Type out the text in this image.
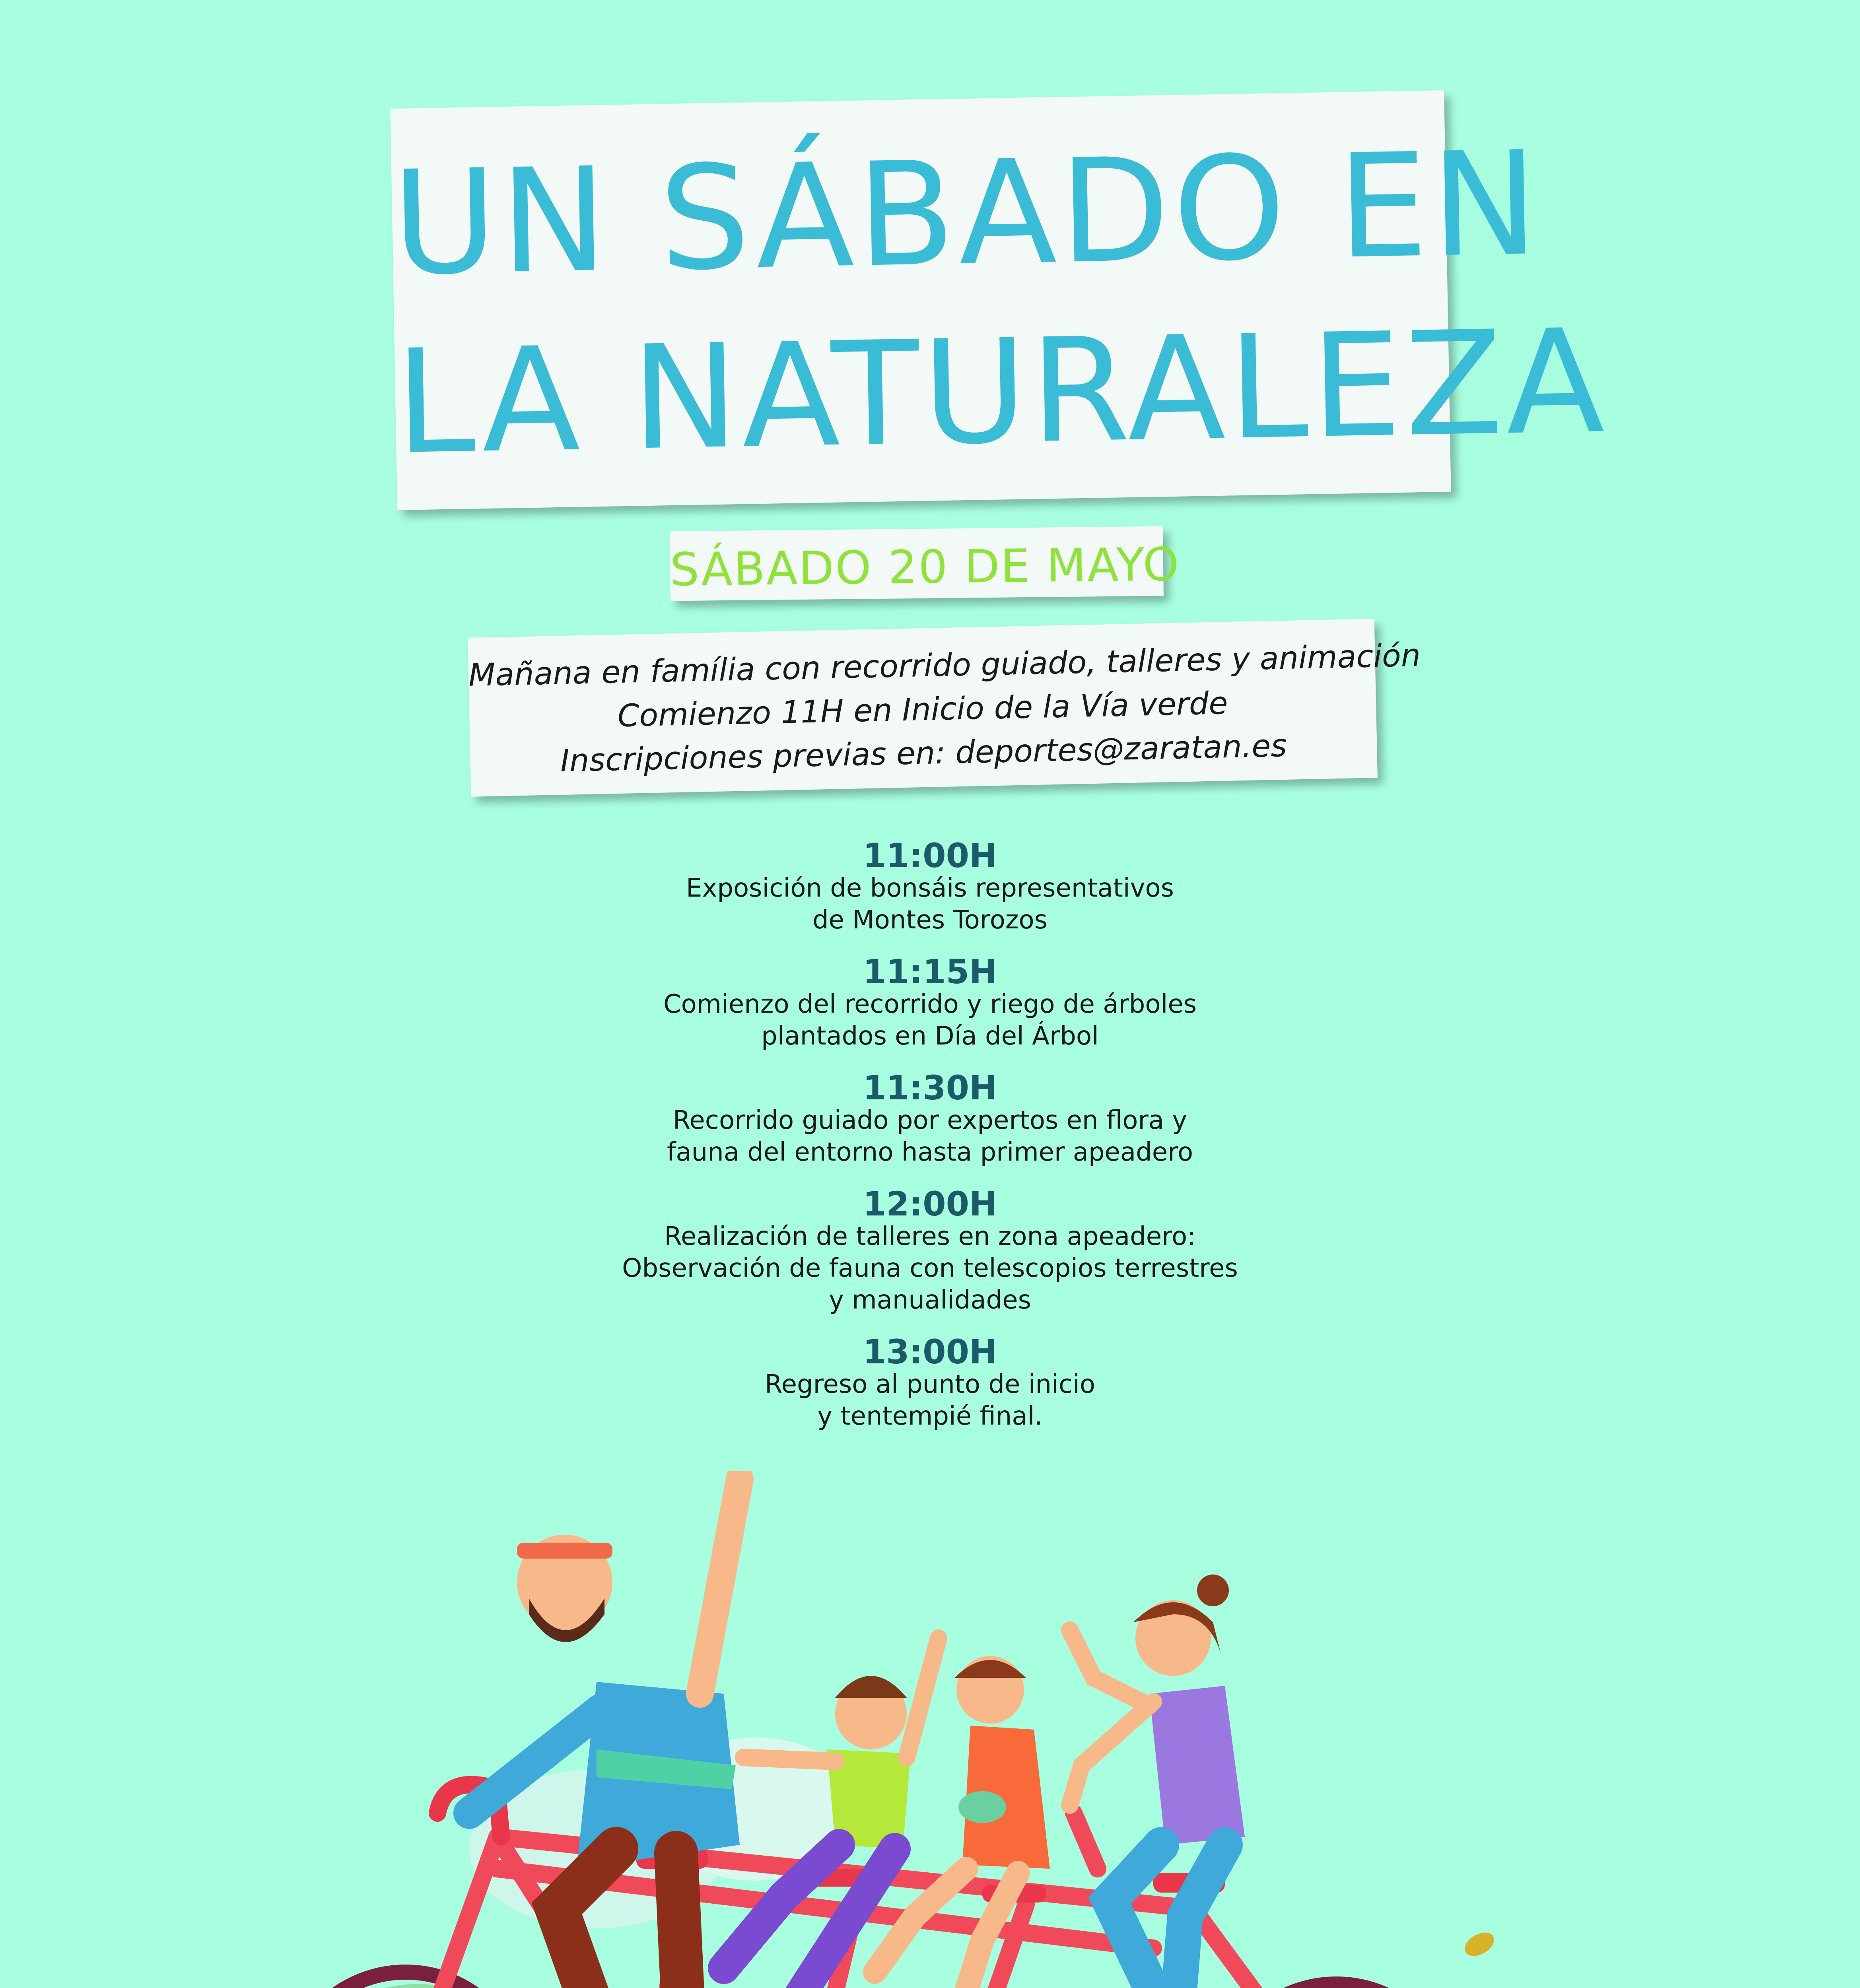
UN SÁBADO EN
LA NATURALEZA
SÁBADO 20 DE MAYO
Mañana en família con recorrido guiado, talleres y animación
Comienzo 11H en Inicio de la Vía verde
Inscripciones previas en: deportes@zaratan.es
11:00H
Exposición de bonsáis representativos
de Montes Torozos
11:15H
Comienzo del recorrido y riego de árboles
plantados en Día del Árbol
11:30H
Recorrido guiado por expertos en flora y
fauna del entorno hasta primer apeadero
12:00H
Realización de talleres en zona apeadero:
Observación de fauna con telescopios terrestres
y manualidades
13:00H
Regreso al punto de inicio
y tentempié final.
